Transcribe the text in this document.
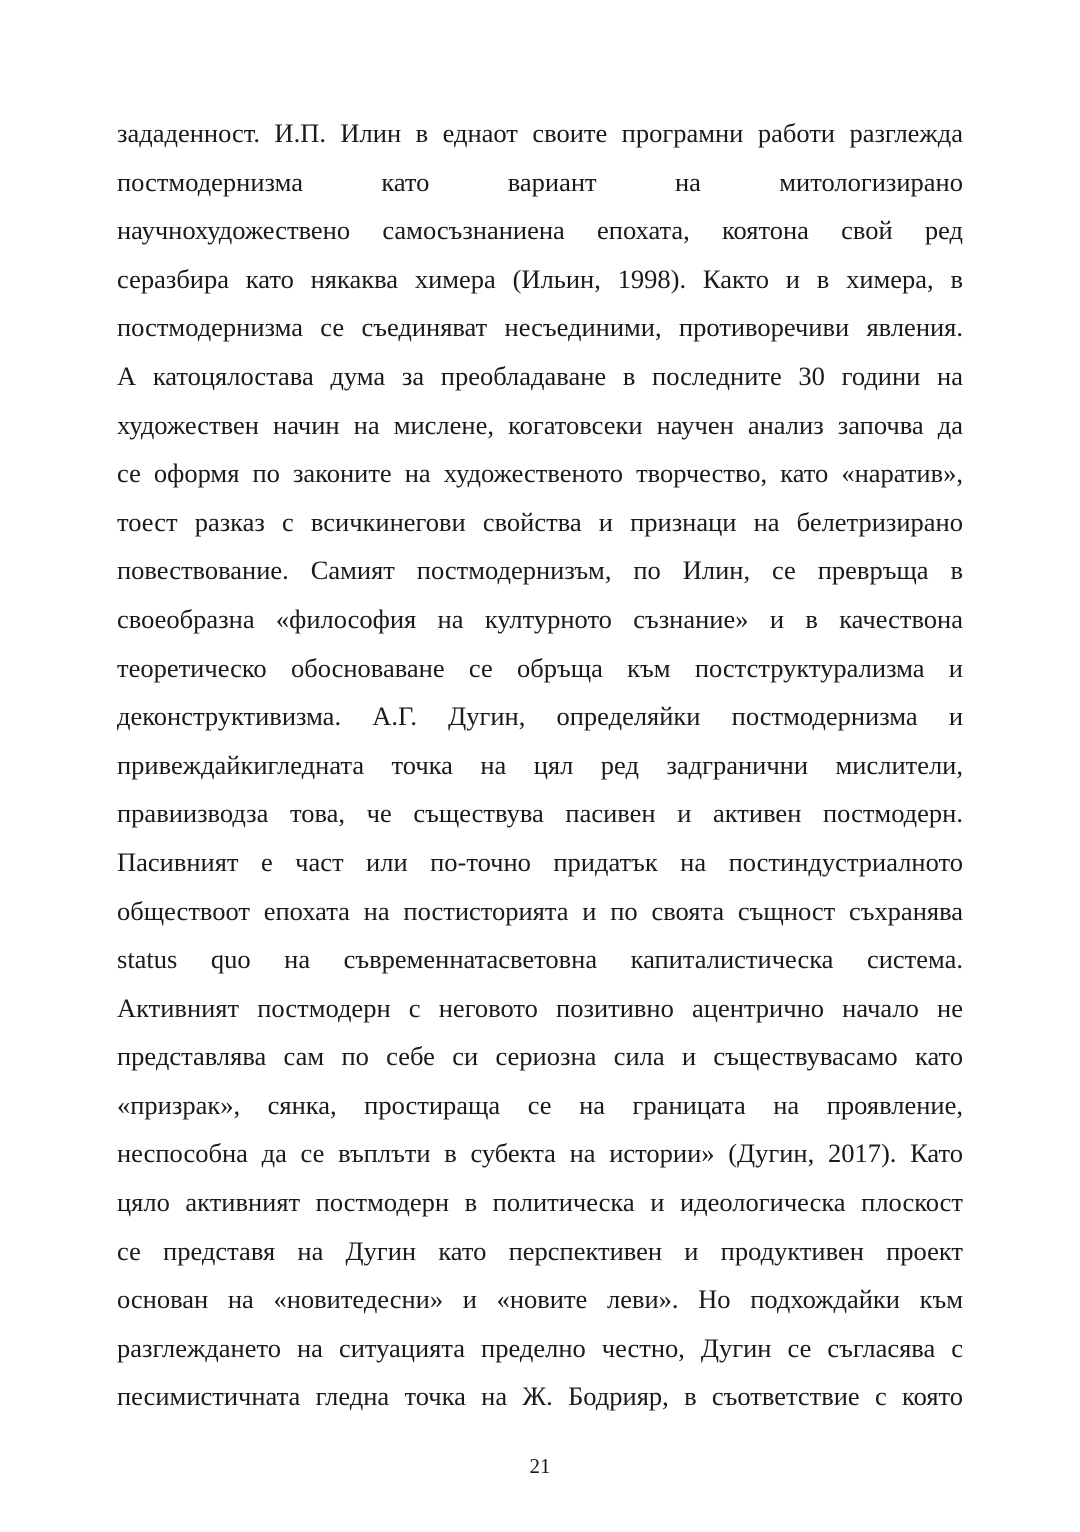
зададенност. И.П. Илин в еднаот своите програмни работи разглежда
постмодернизма като вариант на митологизирано
научнохудожествено самосъзнаниена епохата, коятона свой ред
серазбира като някаква химера (Ильин, 1998). Както и в химера, в
постмодернизма се съединяват несъединими, противоречиви явления.
А катоцялостава дума за преобладаване в последните 30 години на
художествен начин на мислене, когатовсеки научен анализ започва да
се оформя по законите на художественото творчество, като «наратив»,
тоест разказ с всичкинегови свойства и признаци на белетризирано
повествование. Самият постмодернизъм, по Илин, се превръща в
своеобразна «философия на културното съзнание» и в качествона
теоретическо обосноваване се обръща към постструктурализма и
деконструктивизма. А.Г. Дугин, определяйки постмодернизма и
привеждайкигледната точка на цял ред задгранични мислители,
правиизводза това, че съществува пасивен и активен постмодерн.
Пасивният е част или по-точно придатък на постиндустриалното
обществоот епохата на постисторията и по своята същност съхранява
status quo на съвременнатасветовна капиталистическа система.
Активният постмодерн с неговото позитивно ацентрично начало не
представлява сам по себе си сериозна сила и съществувасамо като
«призрак», сянка, простираща се на границата на проявление,
неспособна да се въплъти в субекта на истории» (Дугин, 2017). Като
цяло активният постмодерн в политическа и идеологическа плоскост
се представя на Дугин като перспективен и продуктивен проект
основан на «новитедесни» и «новите леви». Но подхождайки към
разглеждането на ситуацията пределно честно, Дугин се съгласява с
песимистичната гледна точка на Ж. Бодрияр, в съответствие с която
21
